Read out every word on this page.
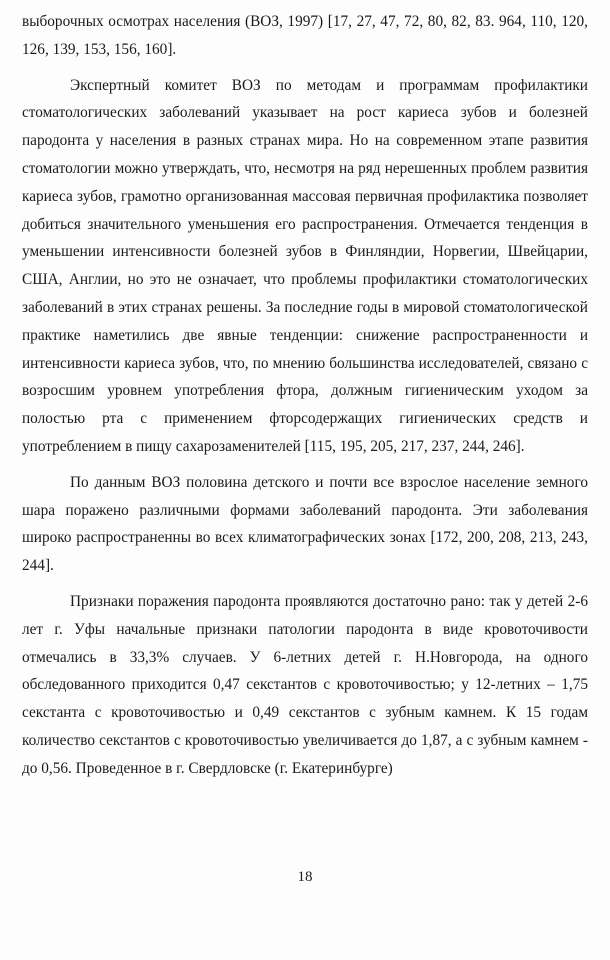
выборочных осмотрах населения (ВОЗ, 1997) [17, 27, 47, 72, 80, 82, 83. 964, 110, 120, 126, 139, 153, 156, 160].

Экспертный комитет ВОЗ по методам и программам профилактики стоматологических заболеваний указывает на рост кариеса зубов и болезней пародонта у населения в разных странах мира. Но на современном этапе развития стоматологии можно утверждать, что, несмотря на ряд нерешенных проблем развития кариеса зубов, грамотно организованная массовая первичная профилактика позволяет добиться значительного уменьшения его распространения. Отмечается тенденция в уменьшении интенсивности болезней зубов в Финляндии, Норвегии, Швейцарии, США, Англии, но это не означает, что проблемы профилактики стоматологических заболеваний в этих странах решены. За последние годы в мировой стоматологической практике наметились две явные тенденции: снижение распространенности и интенсивности кариеса зубов, что, по мнению большинства исследователей, связано с возросшим уровнем употребления фтора, должным гигиеническим уходом за полостью рта с применением фторсодержащих гигиенических средств и употреблением в пищу сахарозаменителей [115, 195, 205, 217, 237, 244, 246].

По данным ВОЗ половина детского и почти все взрослое население земного шара поражено различными формами заболеваний пародонта. Эти заболевания широко распространенны во всех климатографических зонах [172, 200, 208, 213, 243, 244].

Признаки поражения пародонта проявляются достаточно рано: так у детей 2-6 лет г. Уфы начальные признаки патологии пародонта в виде кровоточивости отмечались в 33,3% случаев. У 6-летних детей г. Н.Новгорода, на одного обследованного приходится 0,47 секстантов с кровоточивостью; у 12-летних – 1,75 секстанта с кровоточивостью и 0,49 секстантов с зубным камнем. К 15 годам количество секстантов с кровоточивостью увеличивается до 1,87, а с зубным камнем - до 0,56. Проведенное в г. Свердловске (г. Екатеринбурге)

18
